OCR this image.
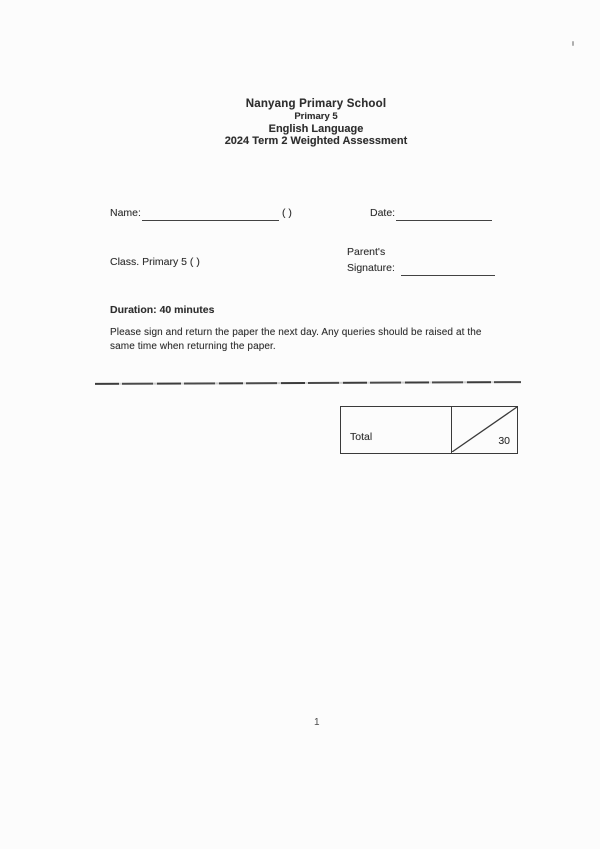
Nanyang Primary School
Primary 5
English Language
2024 Term 2 Weighted Assessment
Name:	( )	Date:
Class. Primary 5 ( )
Parent's
Signature:
Duration: 40 minutes
Please sign and return the paper the next day. Any queries should be raised at the
same time when returning the paper.
Total	30
1
